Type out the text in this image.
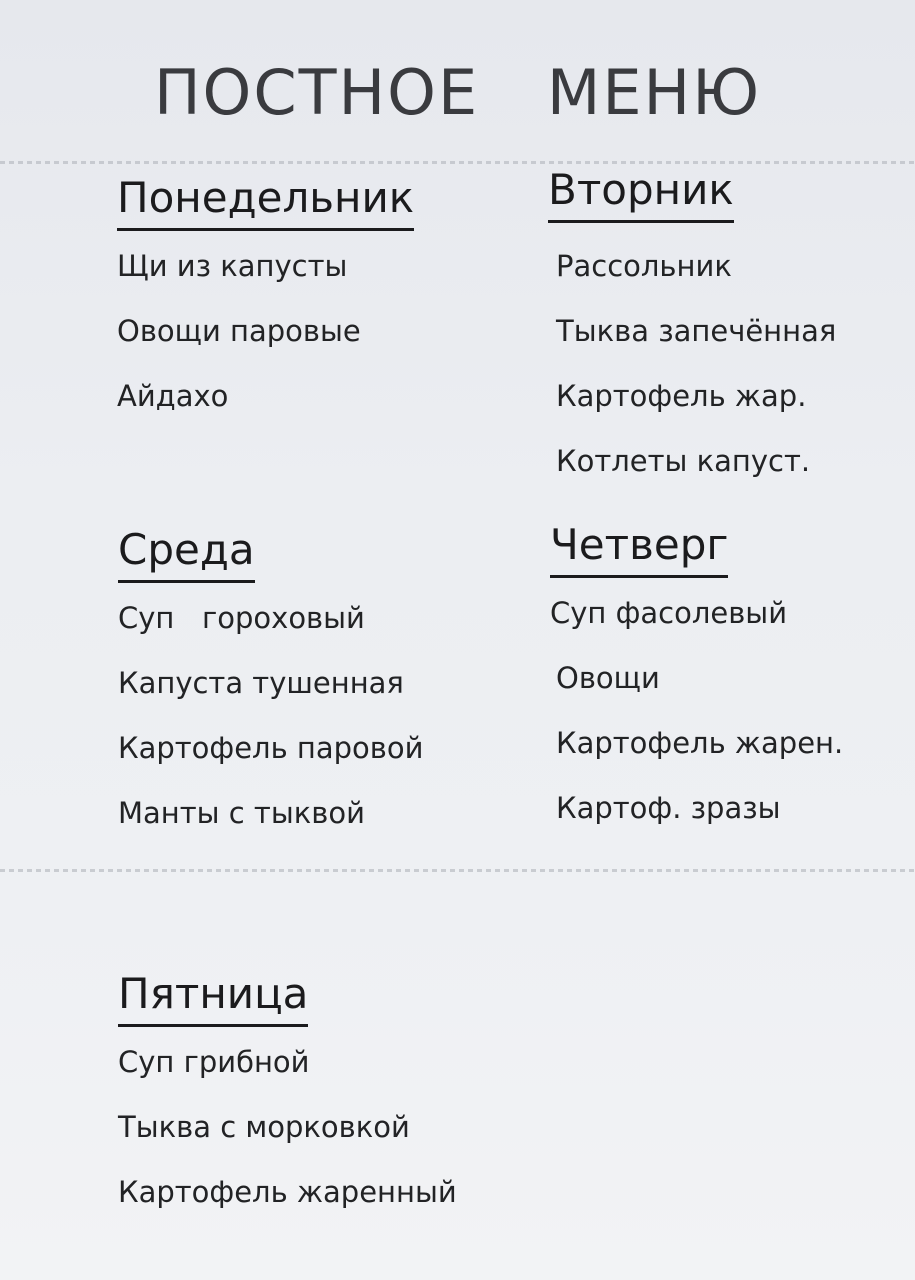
ПОСТНОЕ МЕНЮ
Понедельник
Щи из капусты
Овощи паровые
Айдахо
Вторник
Рассольник
Тыква запечённая
Картофель жар.
Котлеты капуст.
Среда
Суп   гороховый
Капуста тушенная
Картофель паровой
Манты с тыквой
Четверг
Суп фасолевый
Овощи
Картофель жарен.
Картоф. зразы
Пятница
Суп грибной
Тыква с морковкой
Картофель жаренный
